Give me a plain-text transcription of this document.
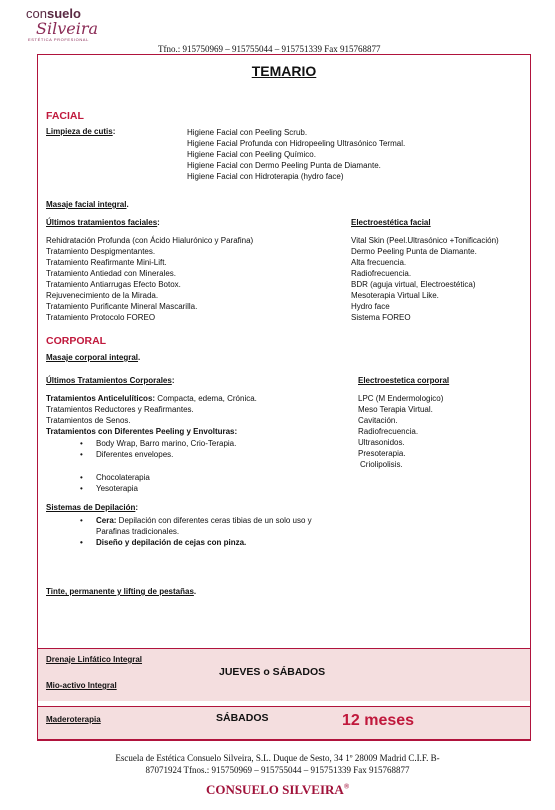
consuelo
Silveira
ESTÉTICA PROFESIONAL
Tfno.: 915750969 – 915755044 – 915751339 Fax 915768877
TEMARIO
FACIAL
Limpieza de cutis:	Higiene Facial con Peeling Scrub.
Higiene Facial Profunda con Hidropeeling Ultrasónico Termal.
Higiene Facial con Peeling Químico.
Higiene Facial con Dermo Peeling Punta de Diamante.
Higiene Facial con Hidroterapia (hydro face)
Masaje facial integral.
Últimos tratamientos faciales:	Electroestética facial
Rehidratación Profunda (con Ácido Hialurónico y Parafina)
Tratamiento Despigmentantes.
Tratamiento Reafirmante Mini-Lift.
Tratamiento Antiedad con Minerales.
Tratamiento Antiarrugas Efecto Botox.
Rejuvenecimiento de la Mirada.
Tratamiento Purificante Mineral Mascarilla.
Tratamiento Protocolo FOREO
Vital Skin (Peel.Ultrasónico +Tonificación)
Dermo Peeling Punta de Diamante.
Alta frecuencia.
Radiofrecuencia.
BDR (aguja virtual, Electroestética)
Mesoterapia Virtual Like.
Hydro face
Sistema FOREO
CORPORAL
Masaje corporal integral.
Últimos Tratamientos Corporales:	Electroestetica corporal
Tratamientos Anticelulíticos: Compacta, edema, Crónica.
Tratamientos Reductores y Reafirmantes.
Tratamientos de Senos.
Tratamientos con Diferentes Peeling y Envolturas:
• Body Wrap, Barro marino, Crio-Terapia.
• Diferentes envelopes.
• Chocolaterapia
• Yesoterapia
LPC (M Endermologico)
Meso Terapia Virtual.
Cavitación.
Radiofrecuencia.
Ultrasonidos.
Presoterapia.
Criolipolisis.
Sistemas de Depilación:
• Cera: Depilación con diferentes ceras tibias de un solo uso y
Parafinas tradicionales.
• Diseño y depilación de cejas con pinza.
Tinte, permanente y lifting de pestañas.
Drenaje Linfático Integral
JUEVES o SÁBADOS
Mio-activo Integral
Maderoterapia	SÁBADOS	12 meses
Escuela de Estética Consuelo Silveira, S.L. Duque de Sesto, 34 1º 28009 Madrid C.I.F. B-
87071924 Tfnos.: 915750969 – 915755044 – 915751339 Fax 915768877
CONSUELO SILVEIRA®
